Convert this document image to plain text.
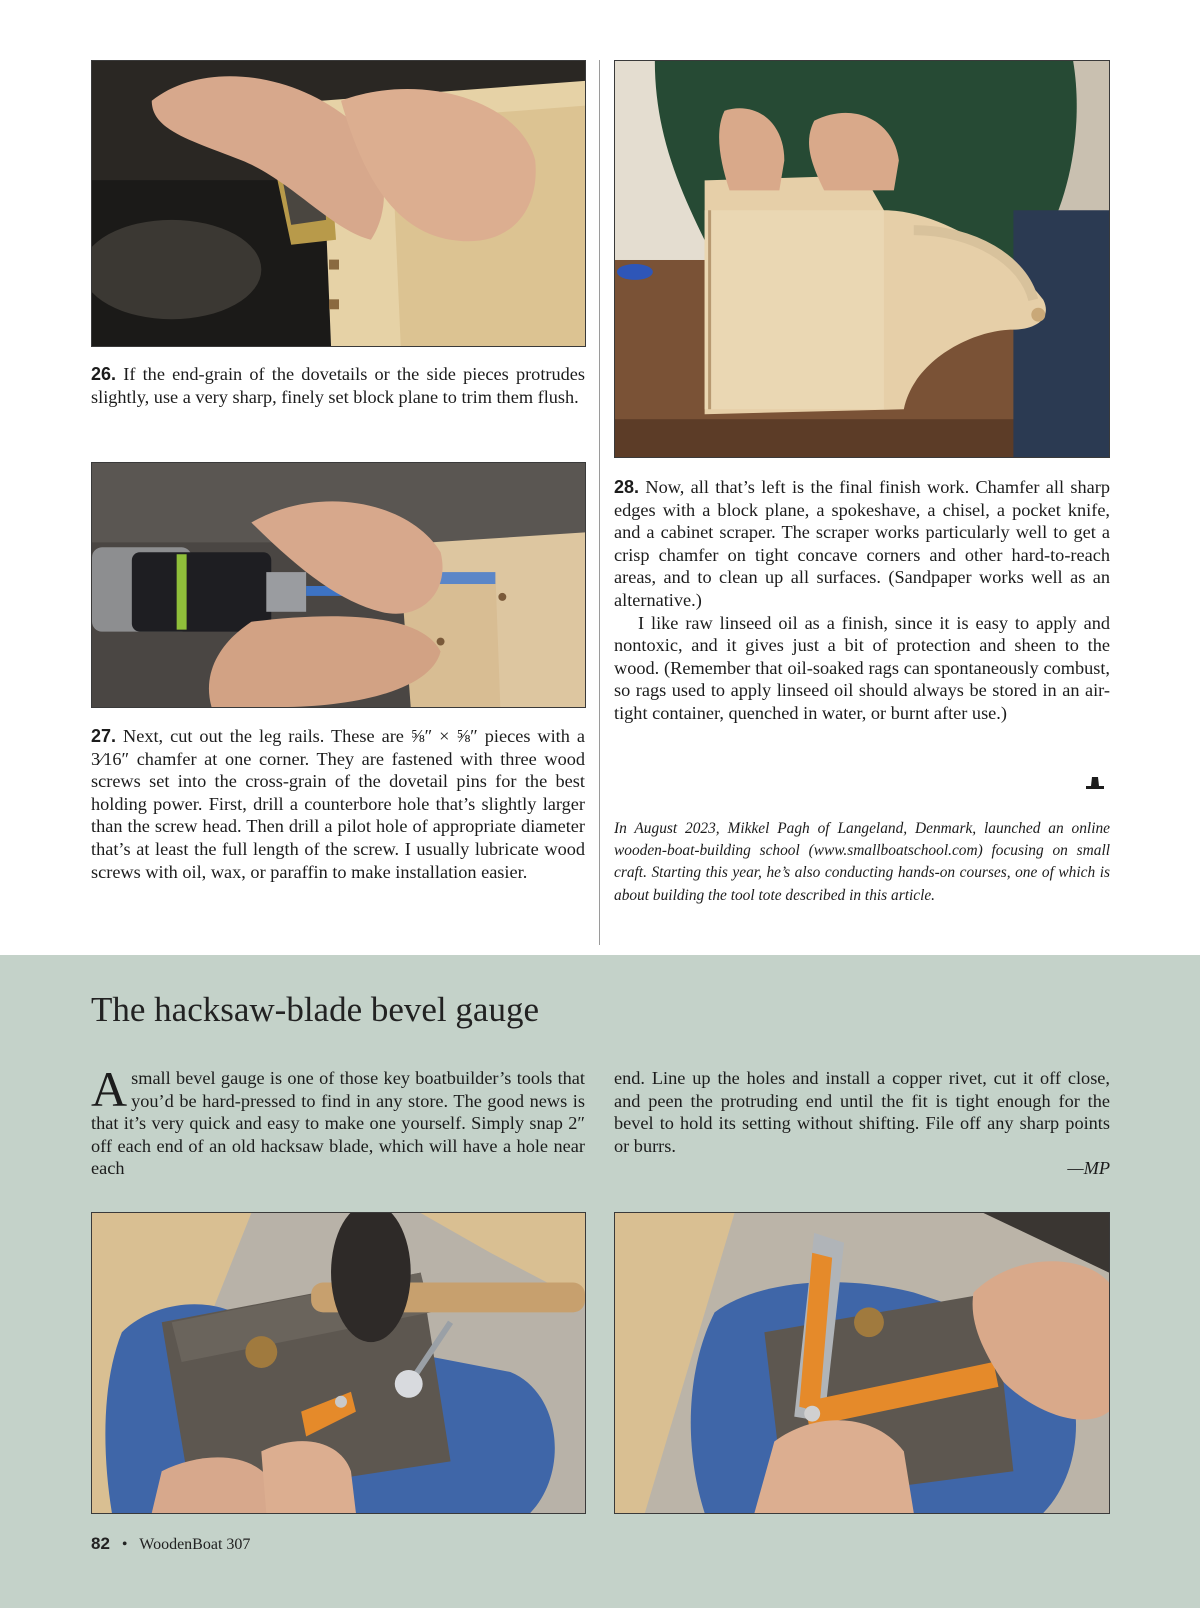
26. If the end-grain of the dovetails or the side pieces protrudes slightly, use a very sharp, finely set block plane to trim them flush.
27. Next, cut out the leg rails. These are ⅝″ × ⅝″ pieces with a 3⁄16″ chamfer at one corner. They are fastened with three wood screws set into the cross-grain of the dovetail pins for the best holding power. First, drill a counterbore hole that’s slightly larger than the screw head. Then drill a pilot hole of appropriate diameter that’s at least the full length of the screw. I usually lubricate wood screws with oil, wax, or paraffin to make installation easier.

28. Now, all that’s left is the final finish work. Chamfer all sharp edges with a block plane, a spokeshave, a chisel, a pocket knife, and a cabinet scraper. The scraper works particularly well to get a crisp chamfer on tight concave corners and other hard-to-reach areas, and to clean up all surfaces. (Sandpaper works well as an alternative.)

I like raw linseed oil as a finish, since it is easy to apply and nontoxic, and it gives just a bit of protection and sheen to the wood. (Remember that oil-soaked rags can spontaneously combust, so rags used to apply linseed oil should always be stored in an air-tight container, quenched in water, or burnt after use.)

In August 2023, Mikkel Pagh of Langeland, Denmark, launched an online wooden-boat-building school (www.smallboatschool.com) focusing on small craft. Starting this year, he’s also conducting hands-on courses, one of which is about building the tool tote described in this article.
The hacksaw-blade bevel gauge
A small bevel gauge is one of those key boatbuilder’s tools that you’d be hard-pressed to find in any store. The good news is that it’s very quick and easy to make one yourself. Simply snap 2″ off each end of an old hacksaw blade, which will have a hole near each

end. Line up the holes and install a copper rivet, cut it off close, and peen the protruding end until the fit is tight enough for the bevel to hold its setting without shifting. File off any sharp points or burrs.

—MP

82 • WoodenBoat 307
